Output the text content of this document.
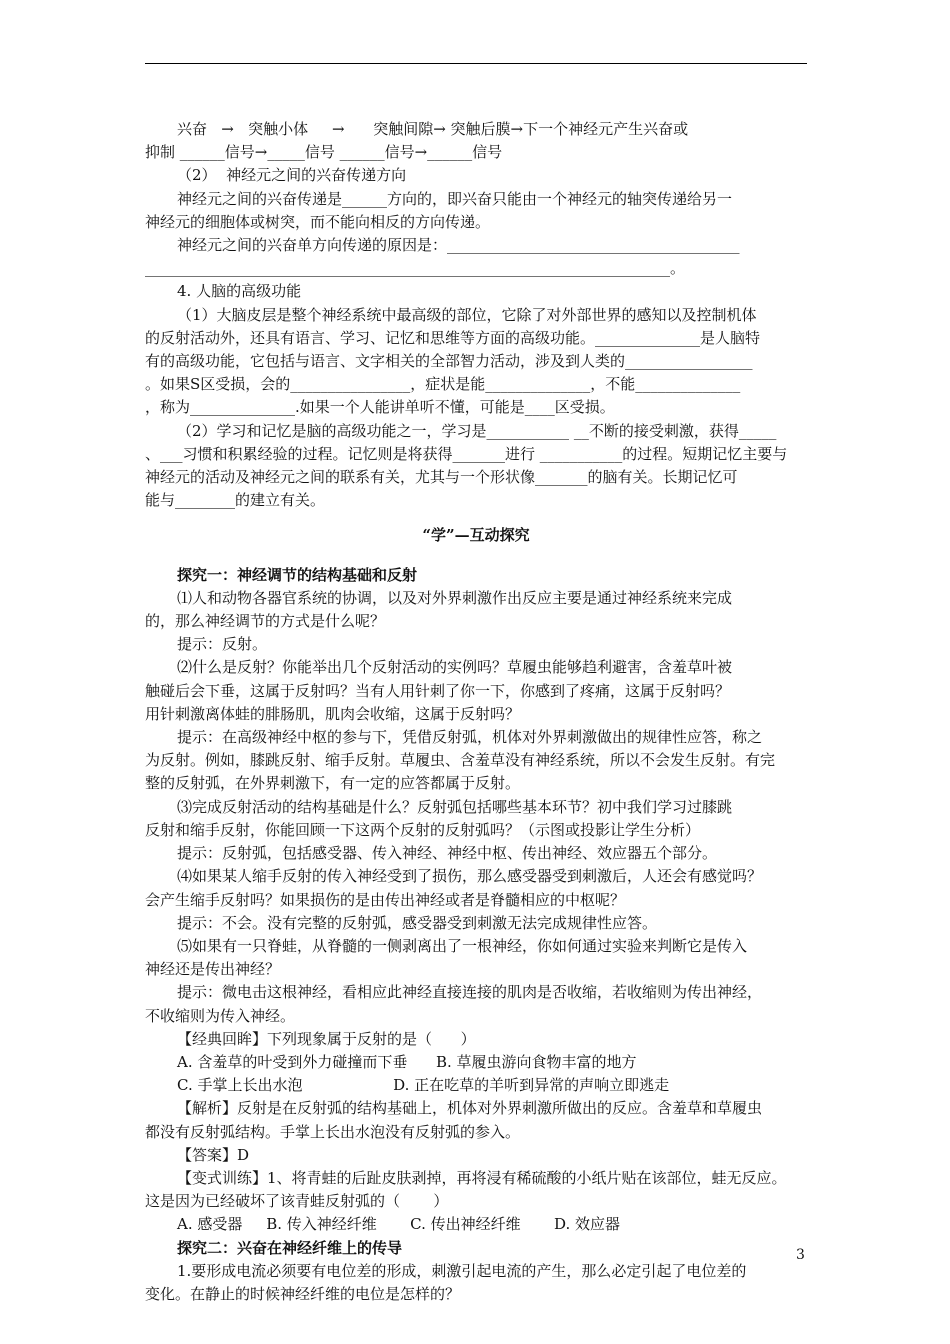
兴奋   →   突触小体     →      突触间隙→ 突触后膜→下一个神经元产生兴奋或

抑制 ______信号→_____信号 ______信号→______信号

（2）  神经元之间的兴奋传递方向

神经元之间的兴奋传递是______方向的，即兴奋只能由一个神经元的轴突传递给另一

神经元的细胞体或树突，而不能向相反的方向传递。

神经元之间的兴奋单方向传递的原因是：_______________________________________

______________________________________________________________________。

4. 人脑的高级功能

（1）大脑皮层是整个神经系统中最高级的部位，它除了对外部世界的感知以及控制机体

的反射活动外，还具有语言、学习、记忆和思维等方面的高级功能。______________是人脑特

有的高级功能，它包括与语言、文字相关的全部智力活动，涉及到人类的_________________

。如果S区受损，会的________________，症状是能______________，不能______________

，称为______________.如果一个人能讲单听不懂，可能是____区受损。

（2）学习和记忆是脑的高级功能之一，学习是___________ __不断的接受刺激，获得_____

、___习惯和积累经验的过程。记忆则是将获得_______进行 ___________的过程。短期记忆主要与

神经元的活动及神经元之间的联系有关，尤其与一个形状像_______的脑有关。长期记忆可

能与________的建立有关。

“学”—互动探究

探究一：神经调节的结构基础和反射

⑴人和动物各器官系统的协调，以及对外界刺激作出反应主要是通过神经系统来完成

的，那么神经调节的方式是什么呢？

提示：反射。

⑵什么是反射？你能举出几个反射活动的实例吗？草履虫能够趋利避害，含羞草叶被

触碰后会下垂，这属于反射吗？当有人用针刺了你一下，你感到了疼痛，这属于反射吗？

用针刺激离体蛙的腓肠肌，肌肉会收缩，这属于反射吗？

提示：在高级神经中枢的参与下，凭借反射弧，机体对外界刺激做出的规律性应答，称之

为反射。例如，膝跳反射、缩手反射。草履虫、含羞草没有神经系统，所以不会发生反射。有完

整的反射弧，在外界刺激下，有一定的应答都属于反射。

⑶完成反射活动的结构基础是什么？反射弧包括哪些基本环节？初中我们学习过膝跳

反射和缩手反射，你能回顾一下这两个反射的反射弧吗？（示图或投影让学生分析）

提示：反射弧，包括感受器、传入神经、神经中枢、传出神经、效应器五个部分。

⑷如果某人缩手反射的传入神经受到了损伤，那么感受器受到刺激后，人还会有感觉吗？

会产生缩手反射吗？如果损伤的是由传出神经或者是脊髓相应的中枢呢？

提示：不会。没有完整的反射弧，感受器受到刺激无法完成规律性应答。

⑸如果有一只脊蛙，从脊髓的一侧剥离出了一根神经，你如何通过实验来判断它是传入

神经还是传出神经？

提示：微电击这根神经，看相应此神经直接连接的肌肉是否收缩，若收缩则为传出神经，

不收缩则为传入神经。

【经典回眸】下列现象属于反射的是（      ）

A. 含羞草的叶受到外力碰撞而下垂      B. 草履虫游向食物丰富的地方

C. 手掌上长出水泡                   D. 正在吃草的羊听到异常的声响立即逃走

【解析】反射是在反射弧的结构基础上，机体对外界刺激所做出的反应。含羞草和草履虫

都没有反射弧结构。手掌上长出水泡没有反射弧的参入。

【答案】D

【变式训练】1、将青蛙的后趾皮肤剥掉，再将浸有稀硫酸的小纸片贴在该部位，蛙无反应。

这是因为已经破坏了该青蛙反射弧的（       ）

A. 感受器     B. 传入神经纤维       C. 传出神经纤维       D. 效应器

探究二：兴奋在神经纤维上的传导

1.要形成电流必须要有电位差的形成，刺激引起电流的产生，那么必定引起了电位差的

变化。在静止的时候神经纤维的电位是怎样的？

3
